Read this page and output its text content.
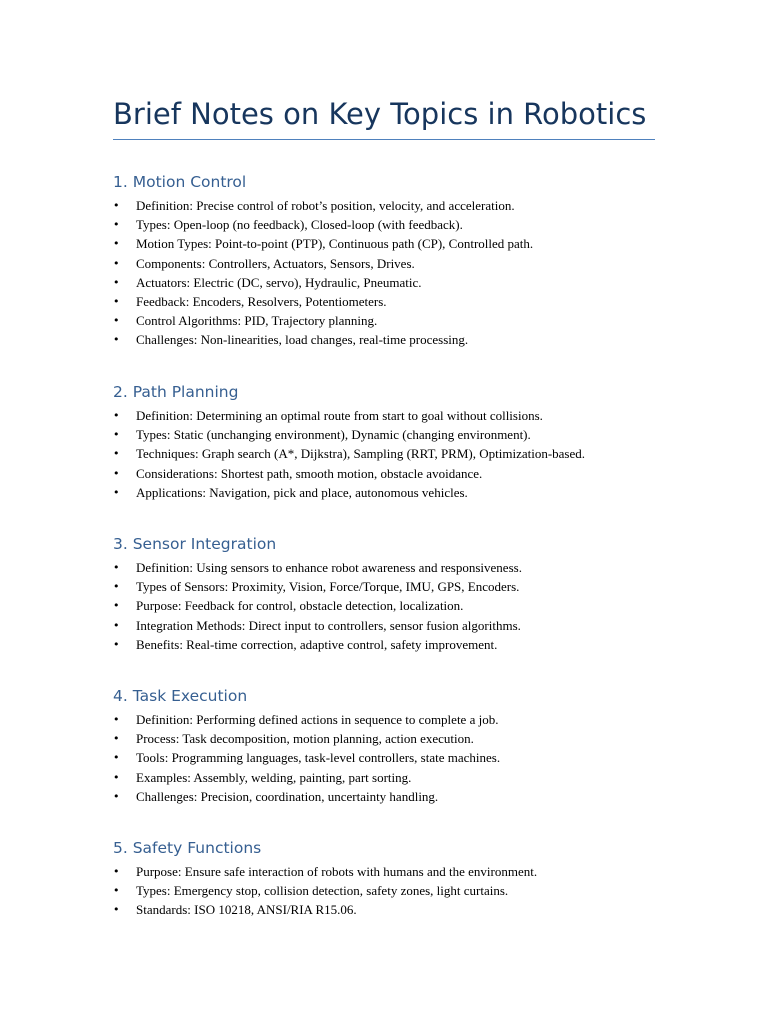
Brief Notes on Key Topics in Robotics
1. Motion Control
• Definition: Precise control of robot’s position, velocity, and acceleration.
• Types: Open-loop (no feedback), Closed-loop (with feedback).
• Motion Types: Point-to-point (PTP), Continuous path (CP), Controlled path.
• Components: Controllers, Actuators, Sensors, Drives.
• Actuators: Electric (DC, servo), Hydraulic, Pneumatic.
• Feedback: Encoders, Resolvers, Potentiometers.
• Control Algorithms: PID, Trajectory planning.
• Challenges: Non-linearities, load changes, real-time processing.
2. Path Planning
• Definition: Determining an optimal route from start to goal without collisions.
• Types: Static (unchanging environment), Dynamic (changing environment).
• Techniques: Graph search (A*, Dijkstra), Sampling (RRT, PRM), Optimization-based.
• Considerations: Shortest path, smooth motion, obstacle avoidance.
• Applications: Navigation, pick and place, autonomous vehicles.
3. Sensor Integration
• Definition: Using sensors to enhance robot awareness and responsiveness.
• Types of Sensors: Proximity, Vision, Force/Torque, IMU, GPS, Encoders.
• Purpose: Feedback for control, obstacle detection, localization.
• Integration Methods: Direct input to controllers, sensor fusion algorithms.
• Benefits: Real-time correction, adaptive control, safety improvement.
4. Task Execution
• Definition: Performing defined actions in sequence to complete a job.
• Process: Task decomposition, motion planning, action execution.
• Tools: Programming languages, task-level controllers, state machines.
• Examples: Assembly, welding, painting, part sorting.
• Challenges: Precision, coordination, uncertainty handling.
5. Safety Functions
• Purpose: Ensure safe interaction of robots with humans and the environment.
• Types: Emergency stop, collision detection, safety zones, light curtains.
• Standards: ISO 10218, ANSI/RIA R15.06.
